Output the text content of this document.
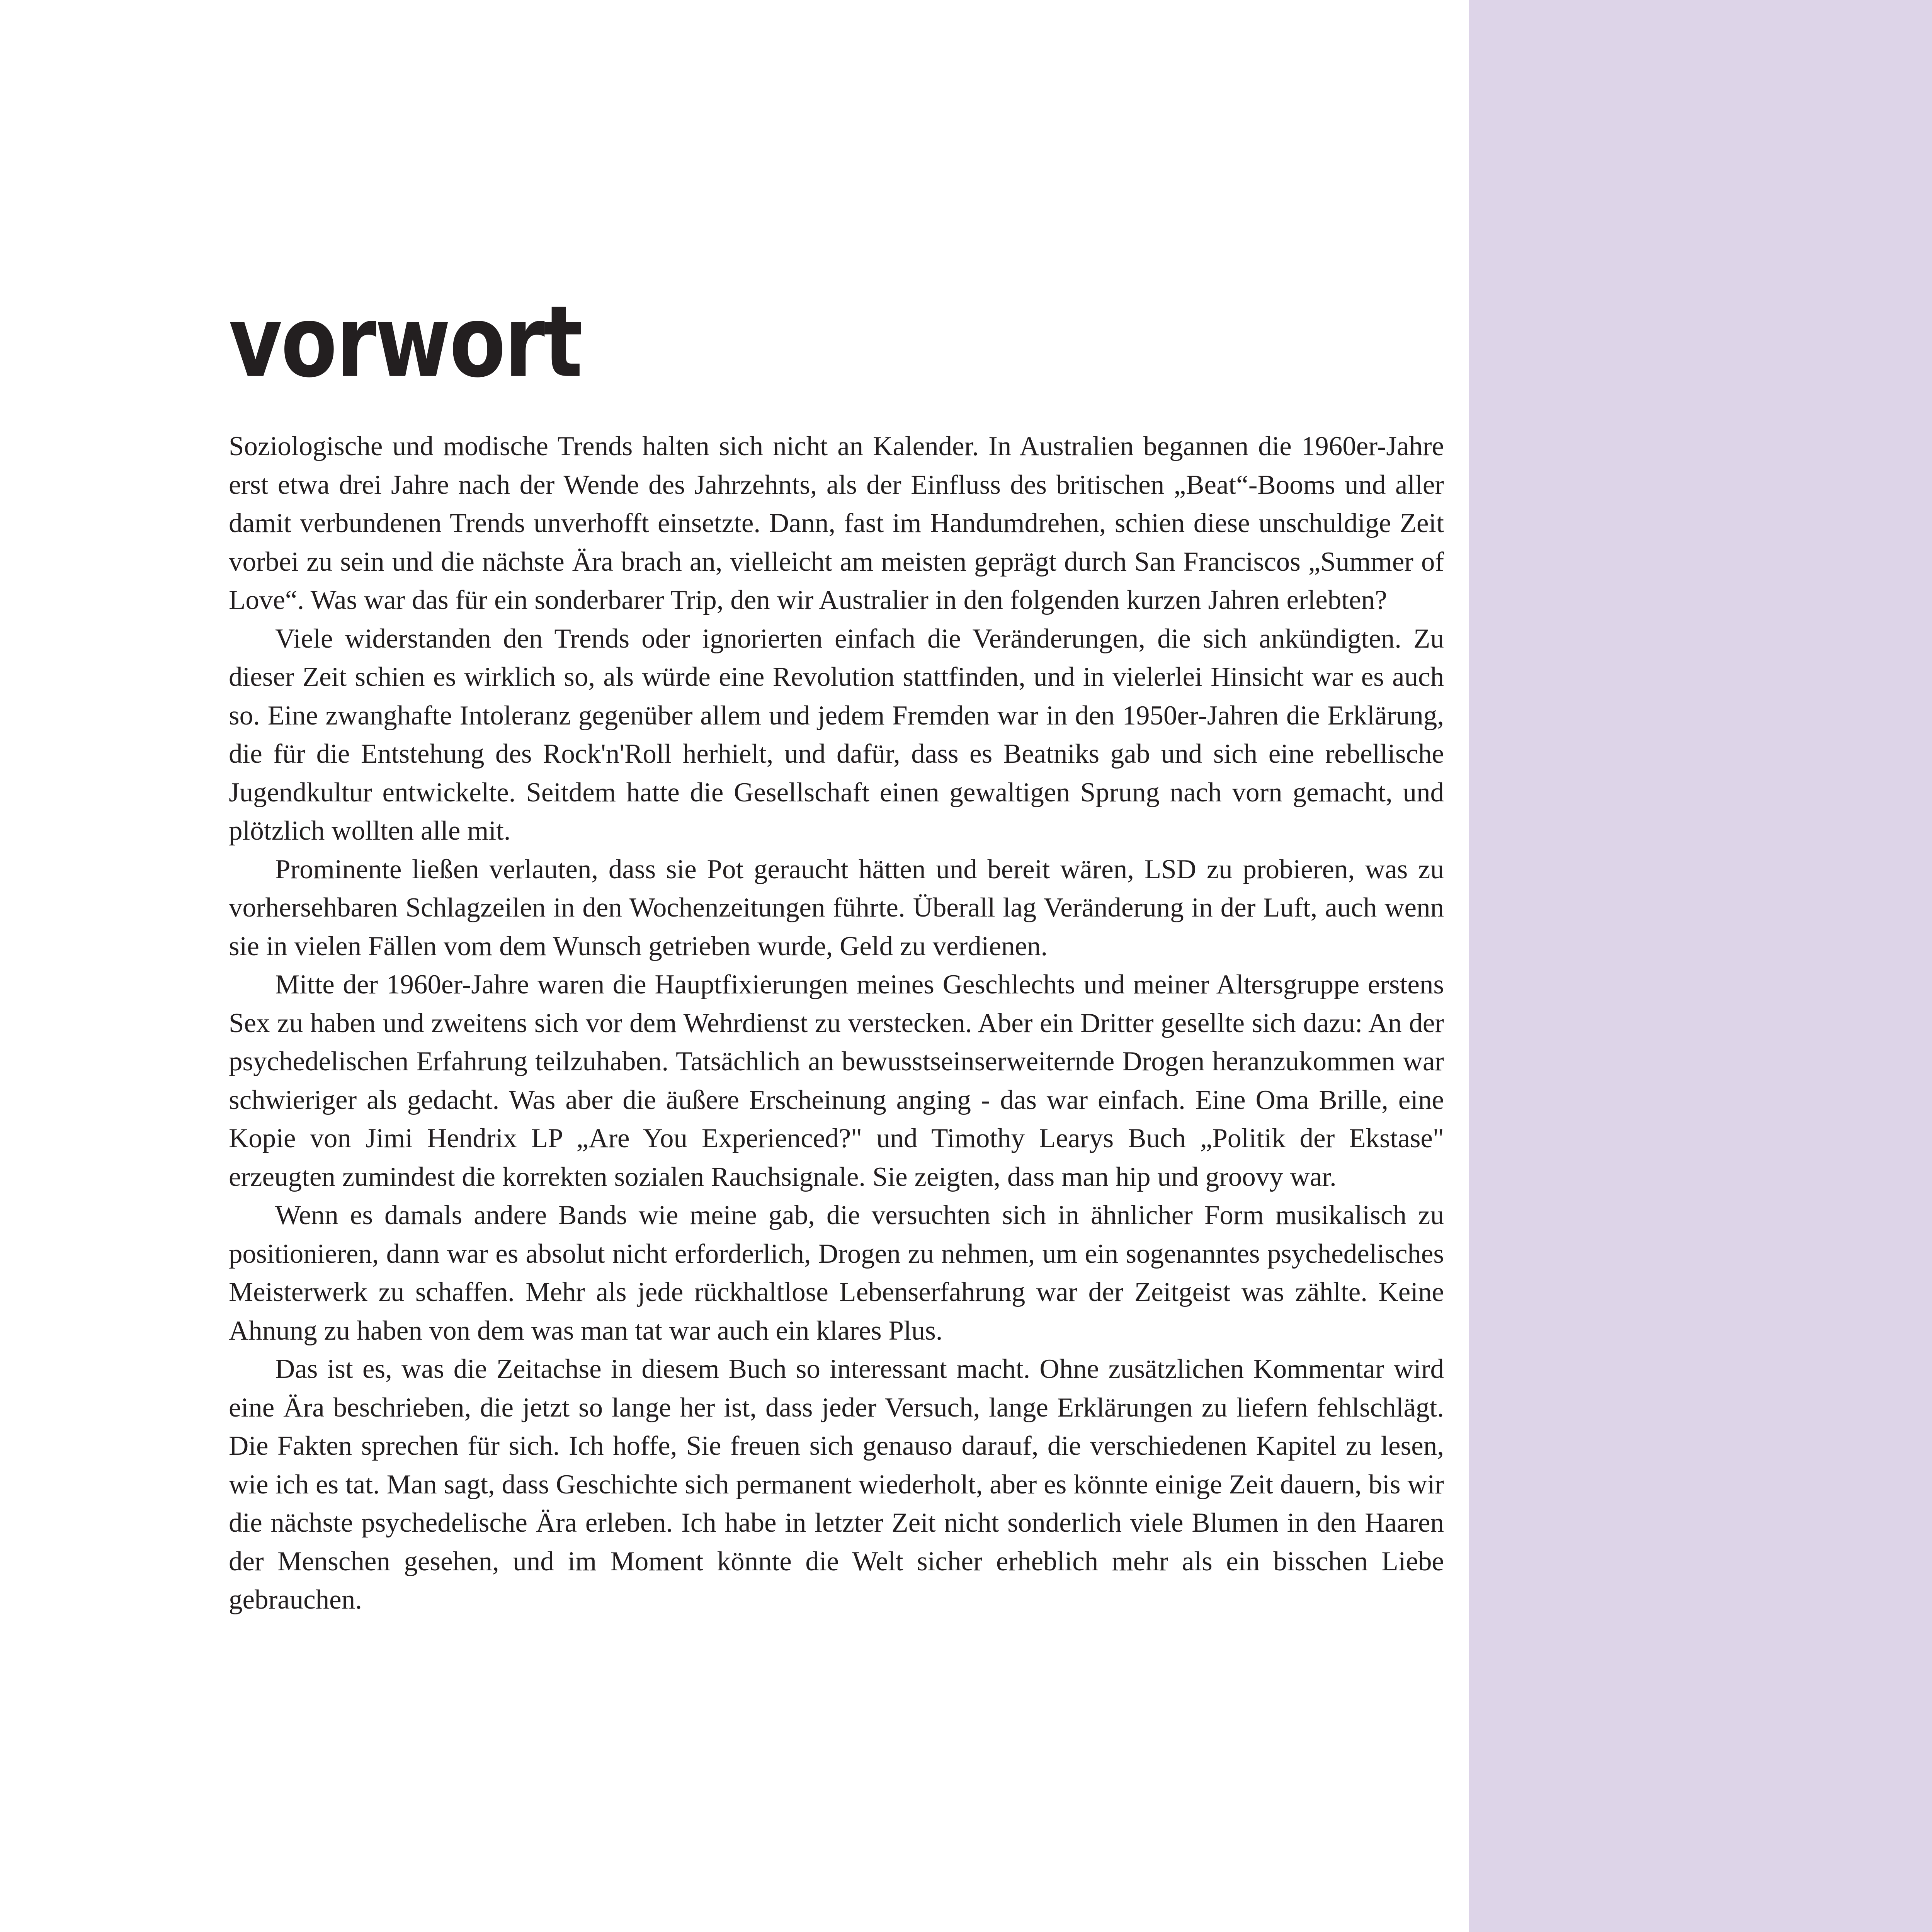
vorwort

Soziologische und modische Trends halten sich nicht an Kalender. In Australien begannen die 1960er-Jahre erst etwa drei Jahre nach der Wende des Jahrzehnts, als der Einfluss des britischen „Beat“-Booms und aller damit verbundenen Trends unverhofft einsetzte. Dann, fast im Handumdrehen, schien diese unschuldige Zeit vorbei zu sein und die nächste Ära brach an, vielleicht am meisten geprägt durch San Franciscos „Summer of Love“. Was war das für ein sonderbarer Trip, den wir Australier in den folgenden kurzen Jahren erlebten?

Viele widerstanden den Trends oder ignorierten einfach die Veränderungen, die sich ankündigten. Zu dieser Zeit schien es wirklich so, als würde eine Revolution stattfinden, und in vielerlei Hinsicht war es auch so. Eine zwanghafte Intoleranz gegenüber allem und jedem Fremden war in den 1950er-Jahren die Erklärung, die für die Entstehung des Rock'n'Roll herhielt, und dafür, dass es Beatniks gab und sich eine rebellische Jugendkultur entwickelte. Seitdem hatte die Gesellschaft einen gewaltigen Sprung nach vorn gemacht, und plötzlich wollten alle mit.

Prominente ließen verlauten, dass sie Pot geraucht hätten und bereit wären, LSD zu probieren, was zu vorhersehbaren Schlagzeilen in den Wochenzeitungen führte. Überall lag Veränderung in der Luft, auch wenn sie in vielen Fällen vom dem Wunsch getrieben wurde, Geld zu verdienen.

Mitte der 1960er-Jahre waren die Hauptfixierungen meines Geschlechts und meiner Altersgruppe erstens Sex zu haben und zweitens sich vor dem Wehrdienst zu verstecken. Aber ein Dritter gesellte sich dazu: An der psychedelischen Erfahrung teilzuhaben. Tatsächlich an bewusstseinserweiternde Drogen heranzukommen war schwieriger als gedacht. Was aber die äußere Erscheinung anging - das war einfach. Eine Oma Brille, eine Kopie von Jimi Hendrix LP „Are You Experienced?" und Timothy Learys Buch „Politik der Ekstase" erzeugten zumindest die korrekten sozialen Rauchsignale. Sie zeigten, dass man hip und groovy war.

Wenn es damals andere Bands wie meine gab, die versuchten sich in ähnlicher Form musikalisch zu positionieren, dann war es absolut nicht erforderlich, Drogen zu nehmen, um ein sogenanntes psychedelisches Meisterwerk zu schaffen. Mehr als jede rückhaltlose Lebenserfahrung war der Zeitgeist was zählte. Keine Ahnung zu haben von dem was man tat war auch ein klares Plus.

Das ist es, was die Zeitachse in diesem Buch so interessant macht. Ohne zusätzlichen Kommentar wird eine Ära beschrieben, die jetzt so lange her ist, dass jeder Versuch, lange Erklärungen zu liefern fehlschlägt. Die Fakten sprechen für sich. Ich hoffe, Sie freuen sich genauso darauf, die verschiedenen Kapitel zu lesen, wie ich es tat. Man sagt, dass Geschichte sich permanent wiederholt, aber es könnte einige Zeit dauern, bis wir die nächste psychedelische Ära erleben. Ich habe in letzter Zeit nicht sonderlich viele Blumen in den Haaren der Menschen gesehen, und im Moment könnte die Welt sicher erheblich mehr als ein bisschen Liebe gebrauchen.
